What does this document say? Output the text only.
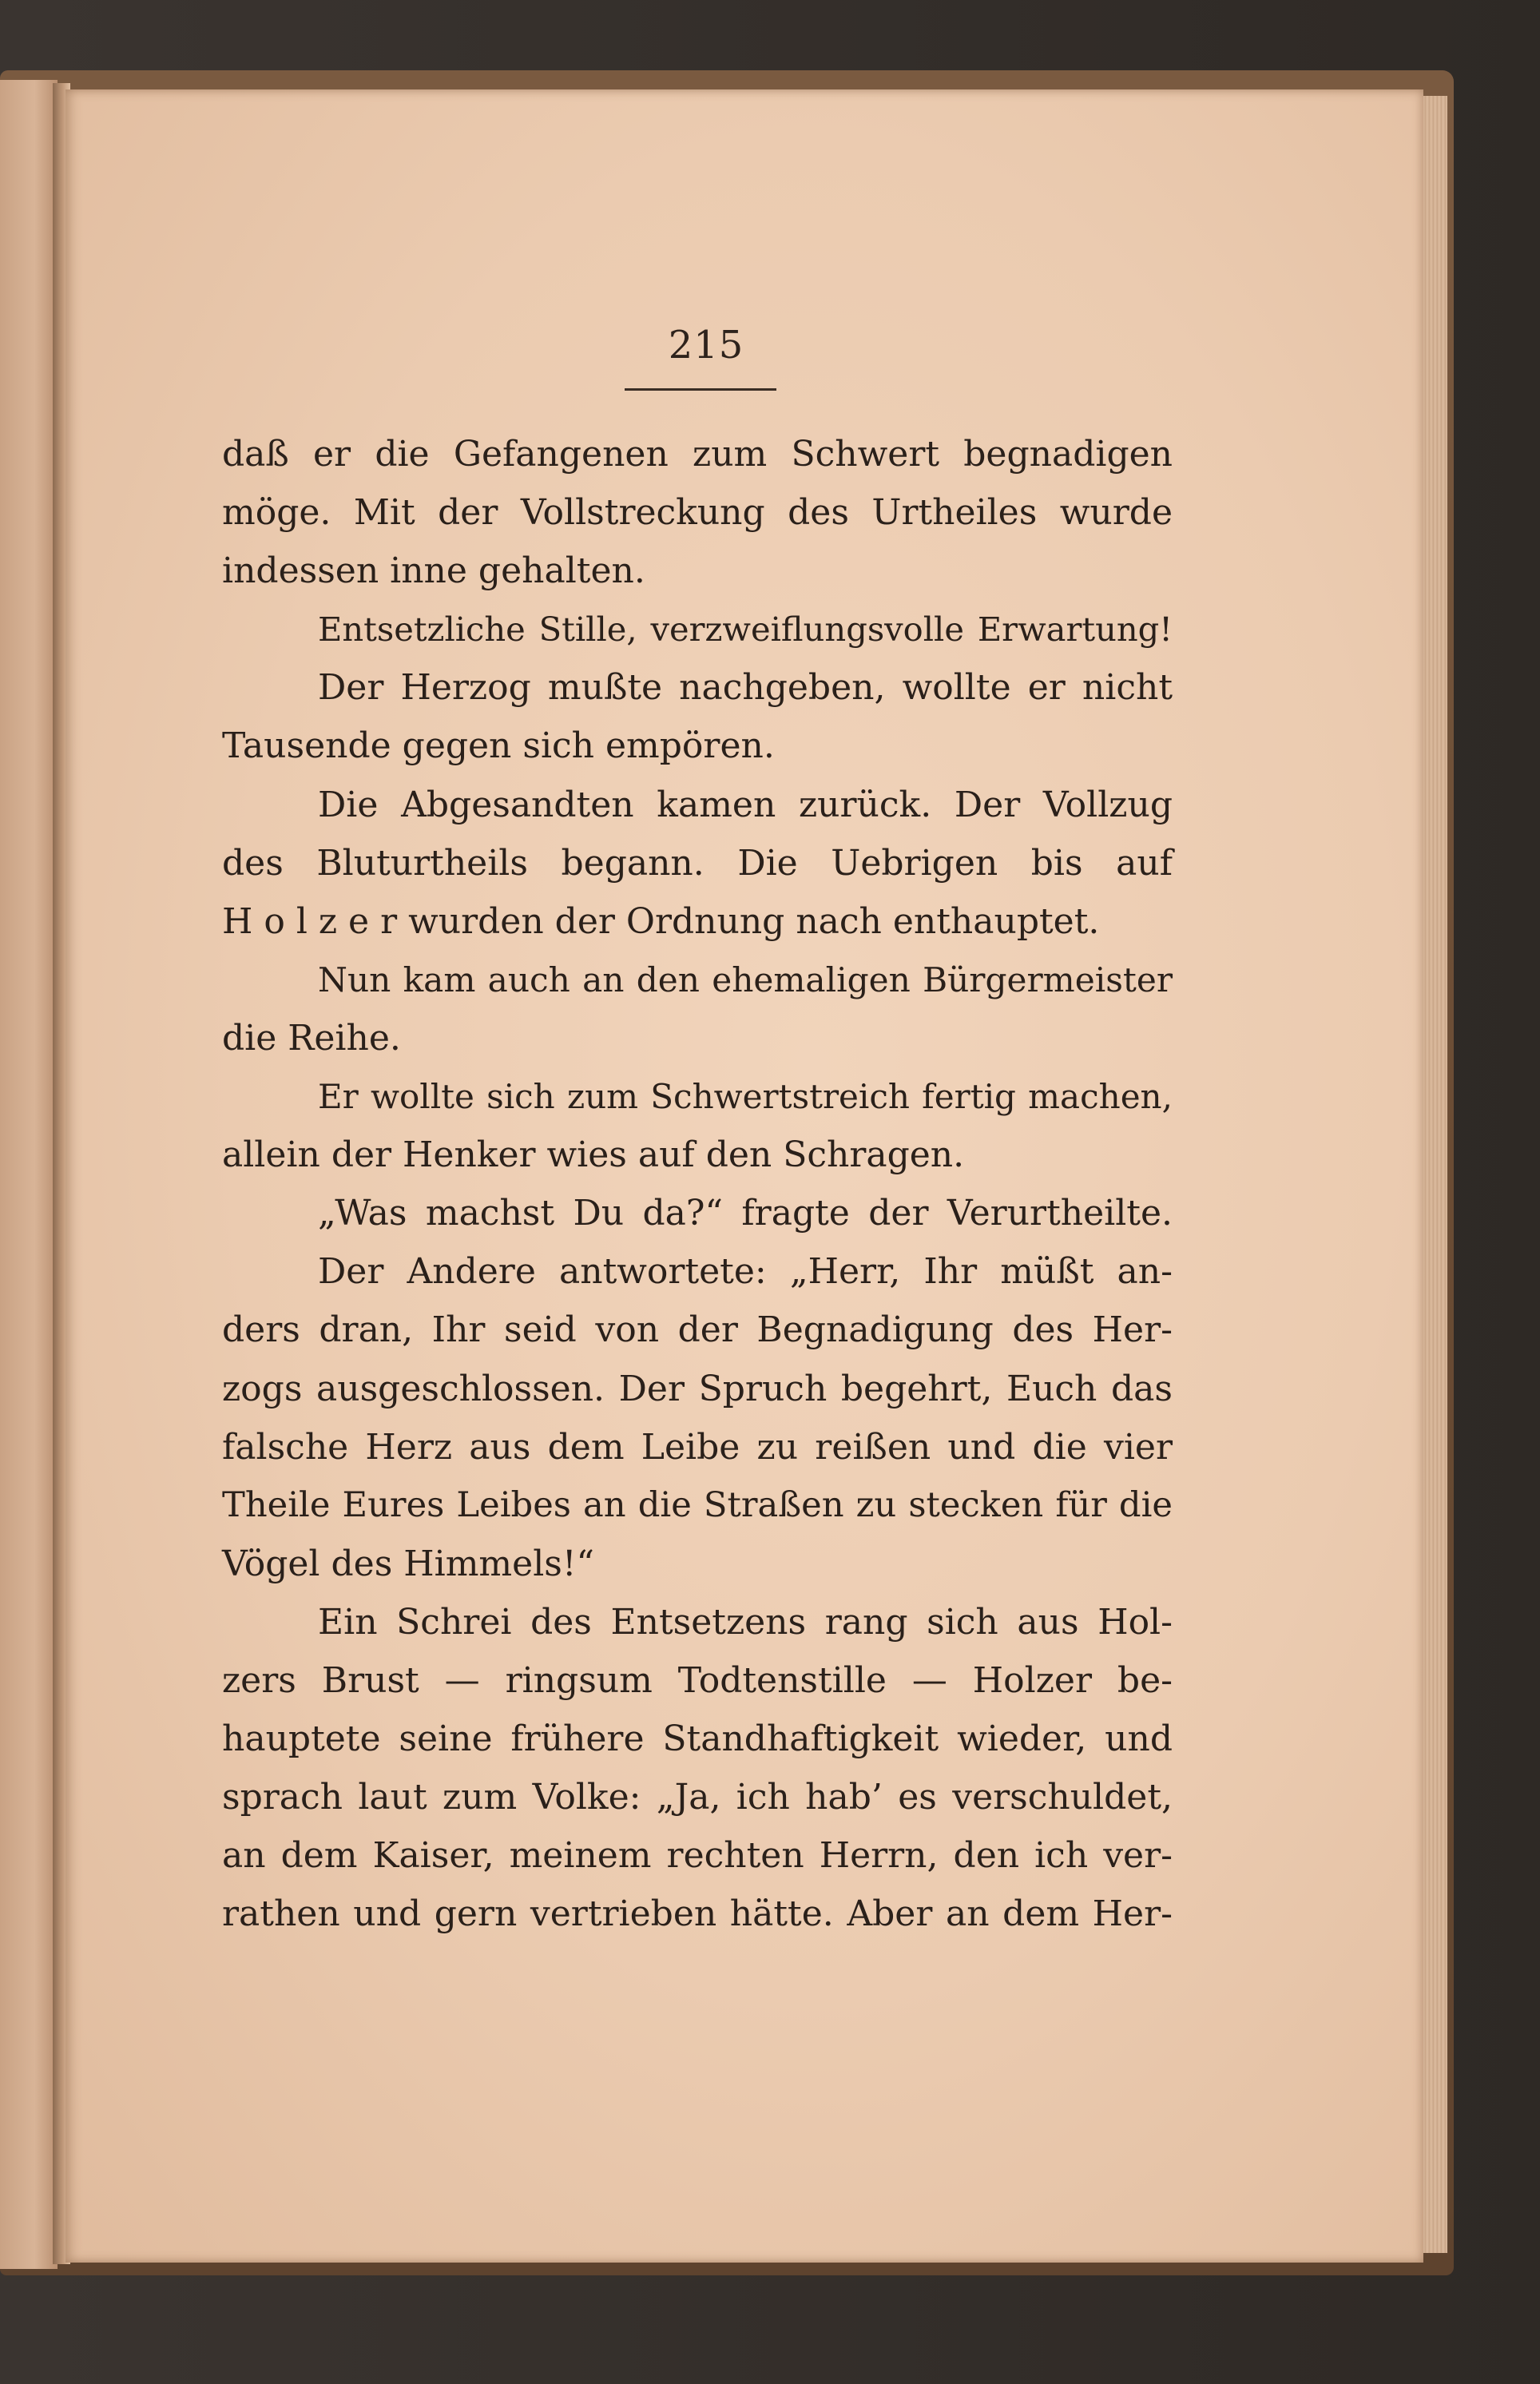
215
daß er die Gefangenen zum Schwert begnadigen
möge. Mit der Vollstreckung des Urtheiles wurde
indessen inne gehalten.
Entsetzliche Stille, verzweiflungsvolle Erwartung!
Der Herzog mußte nachgeben, wollte er nicht
Tausende gegen sich empören.
Die Abgesandten kamen zurück. Der Vollzug
des Bluturtheils begann. Die Uebrigen bis auf
H o l z e r wurden der Ordnung nach enthauptet.
Nun kam auch an den ehemaligen Bürgermeister
die Reihe.
Er wollte sich zum Schwertstreich fertig machen,
allein der Henker wies auf den Schragen.
„Was machst Du da?“ fragte der Verurtheilte.
Der Andere antwortete: „Herr, Ihr müßt an-
ders dran, Ihr seid von der Begnadigung des Her-
zogs ausgeschlossen. Der Spruch begehrt, Euch das
falsche Herz aus dem Leibe zu reißen und die vier
Theile Eures Leibes an die Straßen zu stecken für die
Vögel des Himmels!“
Ein Schrei des Entsetzens rang sich aus Hol-
zers Brust — ringsum Todtenstille — Holzer be-
hauptete seine frühere Standhaftigkeit wieder, und
sprach laut zum Volke: „Ja, ich hab’ es verschuldet,
an dem Kaiser, meinem rechten Herrn, den ich ver-
rathen und gern vertrieben hätte. Aber an dem Her-
